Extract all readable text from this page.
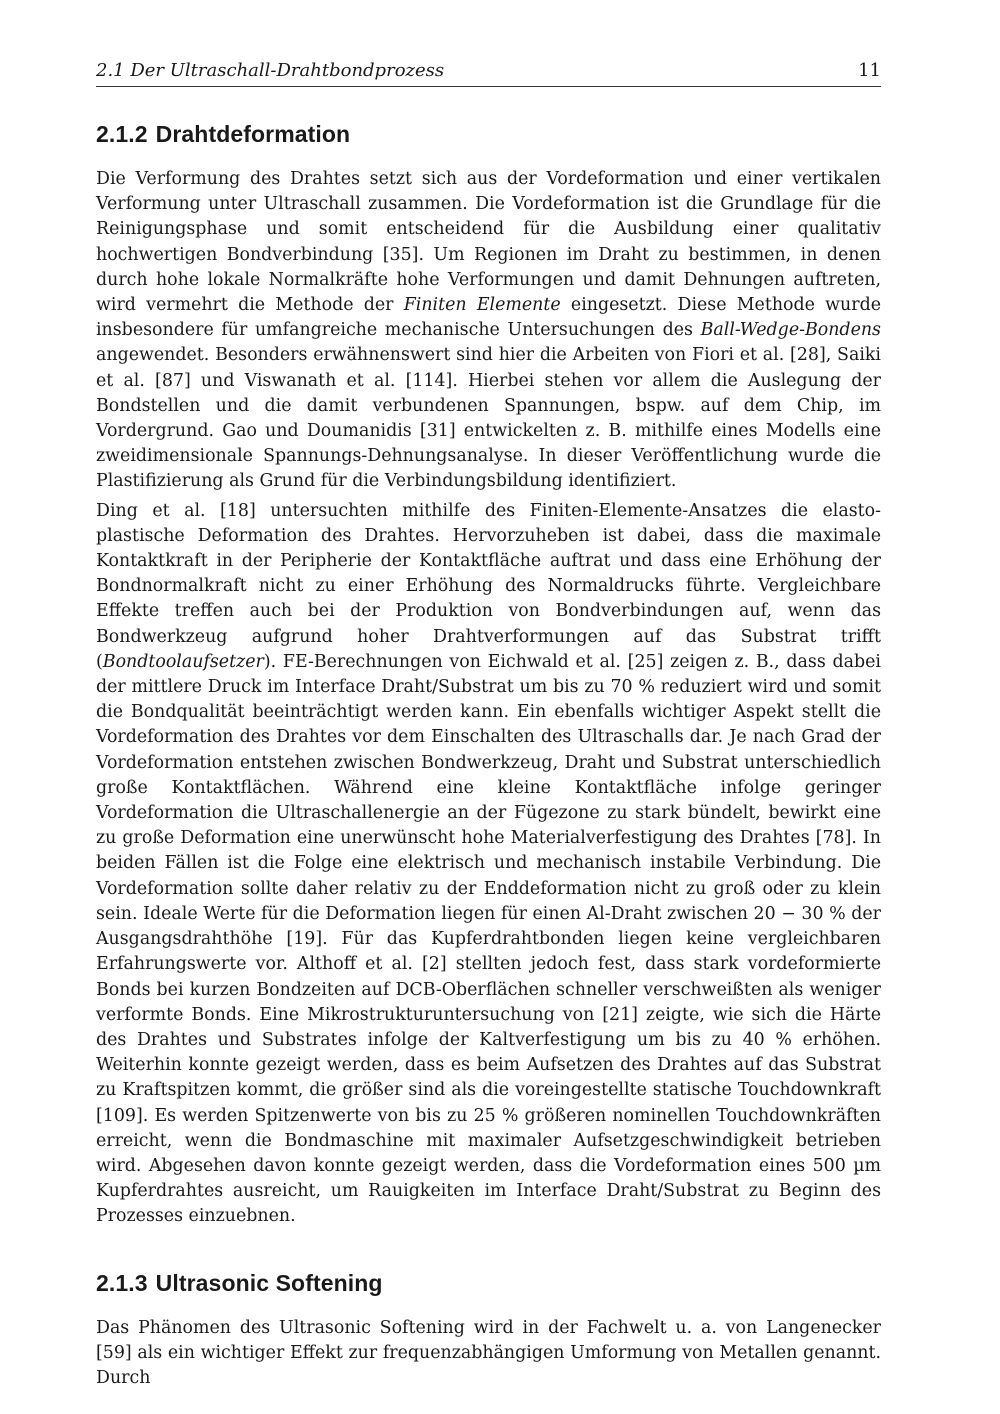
2.1 Der Ultraschall-Drahtbondprozess	11
2.1.2 Drahtdeformation

Die Verformung des Drahtes setzt sich aus der Vordeformation und einer vertikalen Verformung unter Ultraschall zusammen. Die Vordeformation ist die Grundlage für die Reinigungsphase und somit entscheidend für die Ausbildung einer qualitativ hochwertigen Bondverbindung [35]. Um Regionen im Draht zu bestimmen, in denen durch hohe lokale Normalkräfte hohe Verformungen und damit Dehnungen auftreten, wird vermehrt die Methode der Finiten Elemente eingesetzt. Diese Methode wurde insbesondere für umfangreiche mechanische Untersuchungen des Ball-Wedge-Bondens angewendet. Besonders erwähnenswert sind hier die Arbeiten von Fiori et al. [28], Saiki et al. [87] und Viswanath et al. [114]. Hierbei stehen vor allem die Auslegung der Bondstellen und die damit verbundenen Spannungen, bspw. auf dem Chip, im Vordergrund. Gao und Doumanidis [31] entwickelten z. B. mithilfe eines Modells eine zweidimensionale Spannungs-Dehnungsanalyse. In dieser Veröffentlichung wurde die Plastifizierung als Grund für die Verbindungsbildung identifiziert.

Ding et al. [18] untersuchten mithilfe des Finiten-Elemente-Ansatzes die elasto-plastische Deformation des Drahtes. Hervorzuheben ist dabei, dass die maximale Kontaktkraft in der Peripherie der Kontaktfläche auftrat und dass eine Erhöhung der Bondnormalkraft nicht zu einer Erhöhung des Normaldrucks führte. Vergleichbare Effekte treffen auch bei der Produktion von Bondverbindungen auf, wenn das Bondwerkzeug aufgrund hoher Drahtverformungen auf das Substrat trifft (Bondtoolaufsetzer). FE-Berechnungen von Eichwald et al. [25] zeigen z. B., dass dabei der mittlere Druck im Interface Draht/Substrat um bis zu 70 % reduziert wird und somit die Bondqualität beeinträchtigt werden kann. Ein ebenfalls wichtiger Aspekt stellt die Vordeformation des Drahtes vor dem Einschalten des Ultraschalls dar. Je nach Grad der Vordeformation entstehen zwischen Bondwerkzeug, Draht und Substrat unterschiedlich große Kontaktflächen. Während eine kleine Kontaktfläche infolge geringer Vordeformation die Ultraschallenergie an der Fügezone zu stark bündelt, bewirkt eine zu große Deformation eine unerwünscht hohe Materialverfestigung des Drahtes [78]. In beiden Fällen ist die Folge eine elektrisch und mechanisch instabile Verbindung. Die Vordeformation sollte daher relativ zu der Enddeformation nicht zu groß oder zu klein sein. Ideale Werte für die Deformation liegen für einen Al-Draht zwischen 20 − 30 % der Ausgangsdrahthöhe [19]. Für das Kupferdrahtbonden liegen keine vergleichbaren Erfahrungswerte vor. Althoff et al. [2] stellten jedoch fest, dass stark vordeformierte Bonds bei kurzen Bondzeiten auf DCB-Oberflächen schneller verschweißten als weniger verformte Bonds. Eine Mikrostrukturuntersuchung von [21] zeigte, wie sich die Härte des Drahtes und Substrates infolge der Kaltverfestigung um bis zu 40 % erhöhen. Weiterhin konnte gezeigt werden, dass es beim Aufsetzen des Drahtes auf das Substrat zu Kraftspitzen kommt, die größer sind als die voreingestellte statische Touchdownkraft [109]. Es werden Spitzenwerte von bis zu 25 % größeren nominellen Touchdownkräften erreicht, wenn die Bondmaschine mit maximaler Aufsetzgeschwindigkeit betrieben wird. Abgesehen davon konnte gezeigt werden, dass die Vordeformation eines 500 µm Kupferdrahtes ausreicht, um Rauigkeiten im Interface Draht/Substrat zu Beginn des Prozesses einzuebnen.

2.1.3 Ultrasonic Softening

Das Phänomen des Ultrasonic Softening wird in der Fachwelt u. a. von Langenecker [59] als ein wichtiger Effekt zur frequenzabhängigen Umformung von Metallen genannt. Durch
